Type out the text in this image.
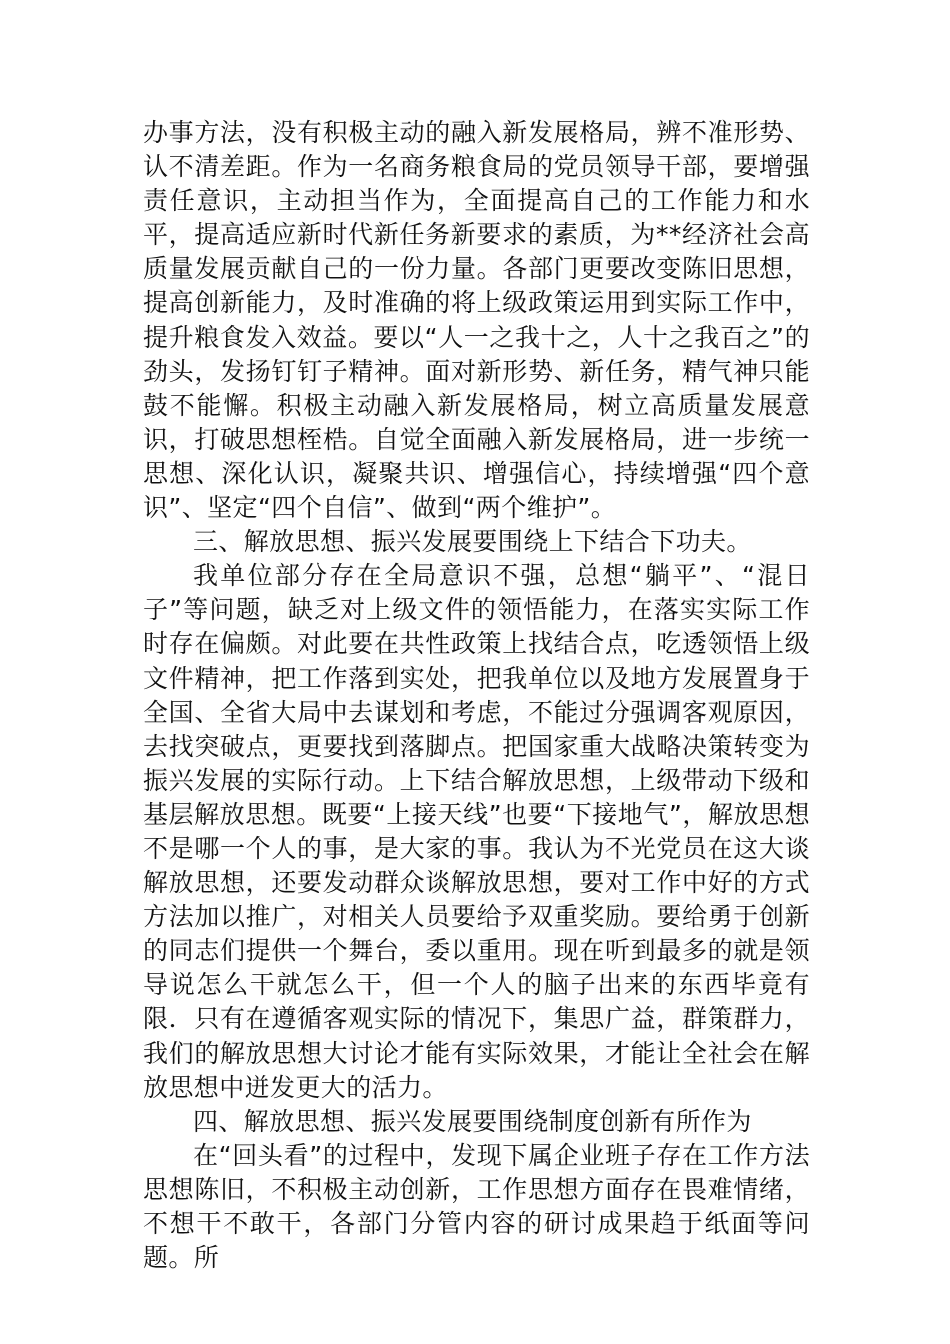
办事方法，没有积极主动的融入新发展格局，辨不准形势、认不清差距。作为一名商务粮食局的党员领导干部，要增强责任意识，主动担当作为，全面提高自己的工作能力和水平，提高适应新时代新任务新要求的素质，为**经济社会高质量发展贡献自己的一份力量。各部门更要改变陈旧思想，提高创新能力，及时准确的将上级政策运用到实际工作中，提升粮食发入效益。要以“人一之我十之，人十之我百之”的劲头，发扬钉钉子精神。面对新形势、新任务，精气神只能鼓不能懈。积极主动融入新发展格局，树立高质量发展意识，打破思想桎梏。自觉全面融入新发展格局，进一步统一思想、深化认识，凝聚共识、增强信心，持续增强“四个意识”、坚定“四个自信”、做到“两个维护”。

三、解放思想、振兴发展要围绕上下结合下功夫。

我单位部分存在全局意识不强，总想“躺平”、“混日子”等问题，缺乏对上级文件的领悟能力，在落实实际工作时存在偏颇。对此要在共性政策上找结合点，吃透领悟上级文件精神，把工作落到实处，把我单位以及地方发展置身于全国、全省大局中去谋划和考虑，不能过分强调客观原因，去找突破点，更要找到落脚点。把国家重大战略决策转变为振兴发展的实际行动。上下结合解放思想，上级带动下级和基层解放思想。既要“上接天线”也要“下接地气”，解放思想不是哪一个人的事，是大家的事。我认为不光党员在这大谈解放思想，还要发动群众谈解放思想，要对工作中好的方式方法加以推广，对相关人员要给予双重奖励。要给勇于创新的同志们提供一个舞台，委以重用。现在听到最多的就是领导说怎么干就怎么干，但一个人的脑子出来的东西毕竟有限．只有在遵循客观实际的情况下，集思广益，群策群力，我们的解放思想大讨论才能有实际效果，才能让全社会在解放思想中迸发更大的活力。

四、解放思想、振兴发展要围绕制度创新有所作为

在“回头看”的过程中，发现下属企业班子存在工作方法思想陈旧，不积极主动创新，工作思想方面存在畏难情绪，不想干不敢干，各部门分管内容的研讨成果趋于纸面等问题。所
